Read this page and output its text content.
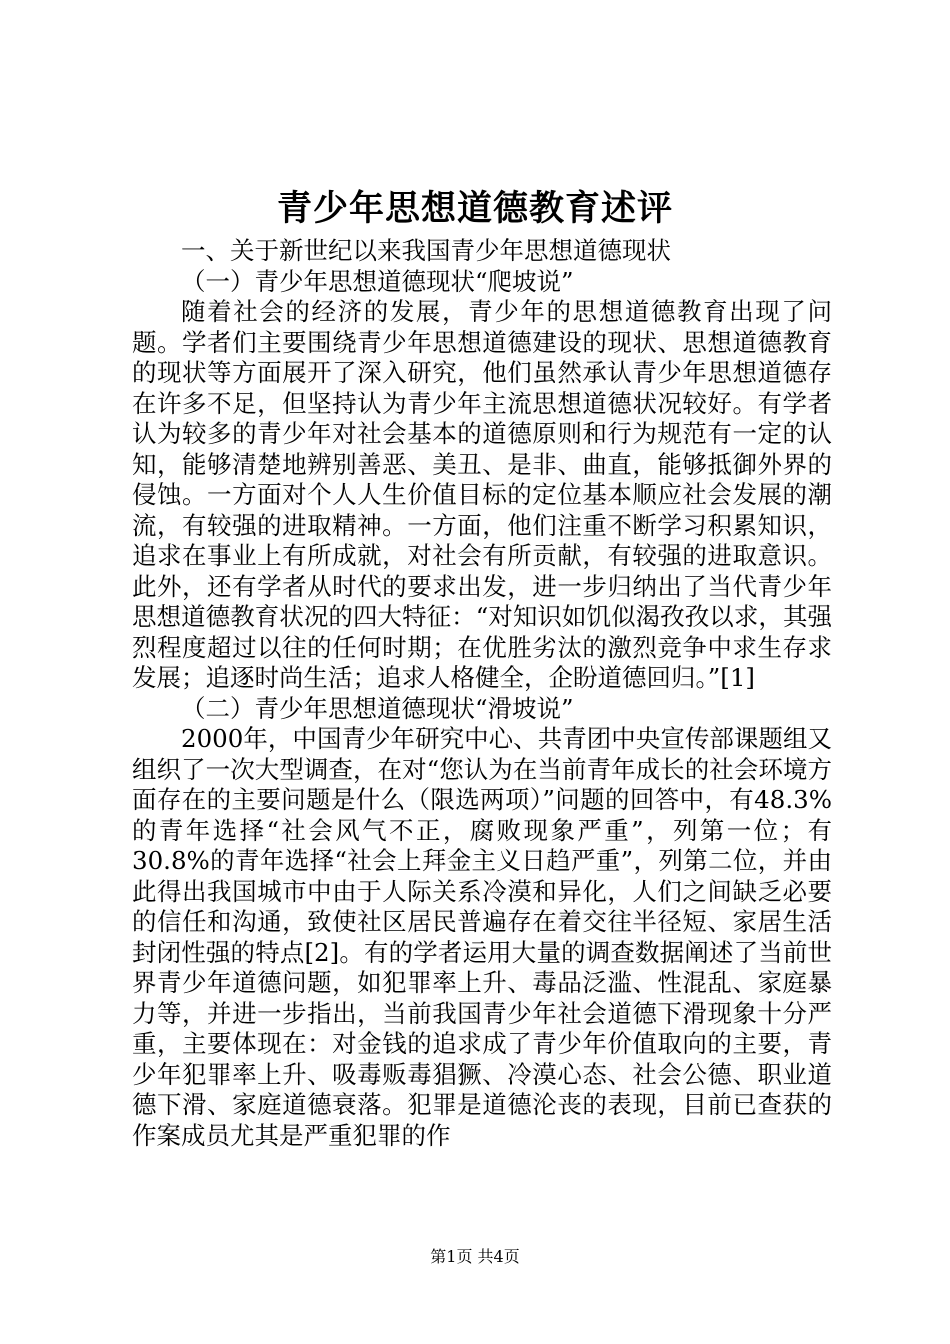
青少年思想道德教育述评

一、关于新世纪以来我国青少年思想道德现状

（一）青少年思想道德现状“爬坡说”

随着社会的经济的发展，青少年的思想道德教育出现了问题。学者们主要围绕青少年思想道德建设的现状、思想道德教育的现状等方面展开了深入研究，他们虽然承认青少年思想道德存在许多不足，但坚持认为青少年主流思想道德状况较好。有学者认为较多的青少年对社会基本的道德原则和行为规范有一定的认知，能够清楚地辨别善恶、美丑、是非、曲直，能够抵御外界的侵蚀。一方面对个人人生价值目标的定位基本顺应社会发展的潮流，有较强的进取精神。一方面，他们注重不断学习积累知识，追求在事业上有所成就，对社会有所贡献，有较强的进取意识。此外，还有学者从时代的要求出发，进一步归纳出了当代青少年思想道德教育状况的四大特征：“对知识如饥似渴孜孜以求，其强烈程度超过以往的任何时期；在优胜劣汰的激烈竞争中求生存求发展；追逐时尚生活；追求人格健全，企盼道德回归。”[1]

（二）青少年思想道德现状“滑坡说”

2000年，中国青少年研究中心、共青团中央宣传部课题组又组织了一次大型调查，在对“您认为在当前青年成长的社会环境方面存在的主要问题是什么（限选两项）”问题的回答中，有48.3%的青年选择“社会风气不正，腐败现象严重”，列第一位；有30.8%的青年选择“社会上拜金主义日趋严重”，列第二位，并由此得出我国城市中由于人际关系冷漠和异化，人们之间缺乏必要的信任和沟通，致使社区居民普遍存在着交往半径短、家居生活封闭性强的特点[2]。有的学者运用大量的调查数据阐述了当前世界青少年道德问题，如犯罪率上升、毒品泛滥、性混乱、家庭暴力等，并进一步指出，当前我国青少年社会道德下滑现象十分严重，主要体现在：对金钱的追求成了青少年价值取向的主要，青少年犯罪率上升、吸毒贩毒猖獗、冷漠心态、社会公德、职业道德下滑、家庭道德衰落。犯罪是道德沦丧的表现，目前已查获的作案成员尤其是严重犯罪的作

第1页 共4页
